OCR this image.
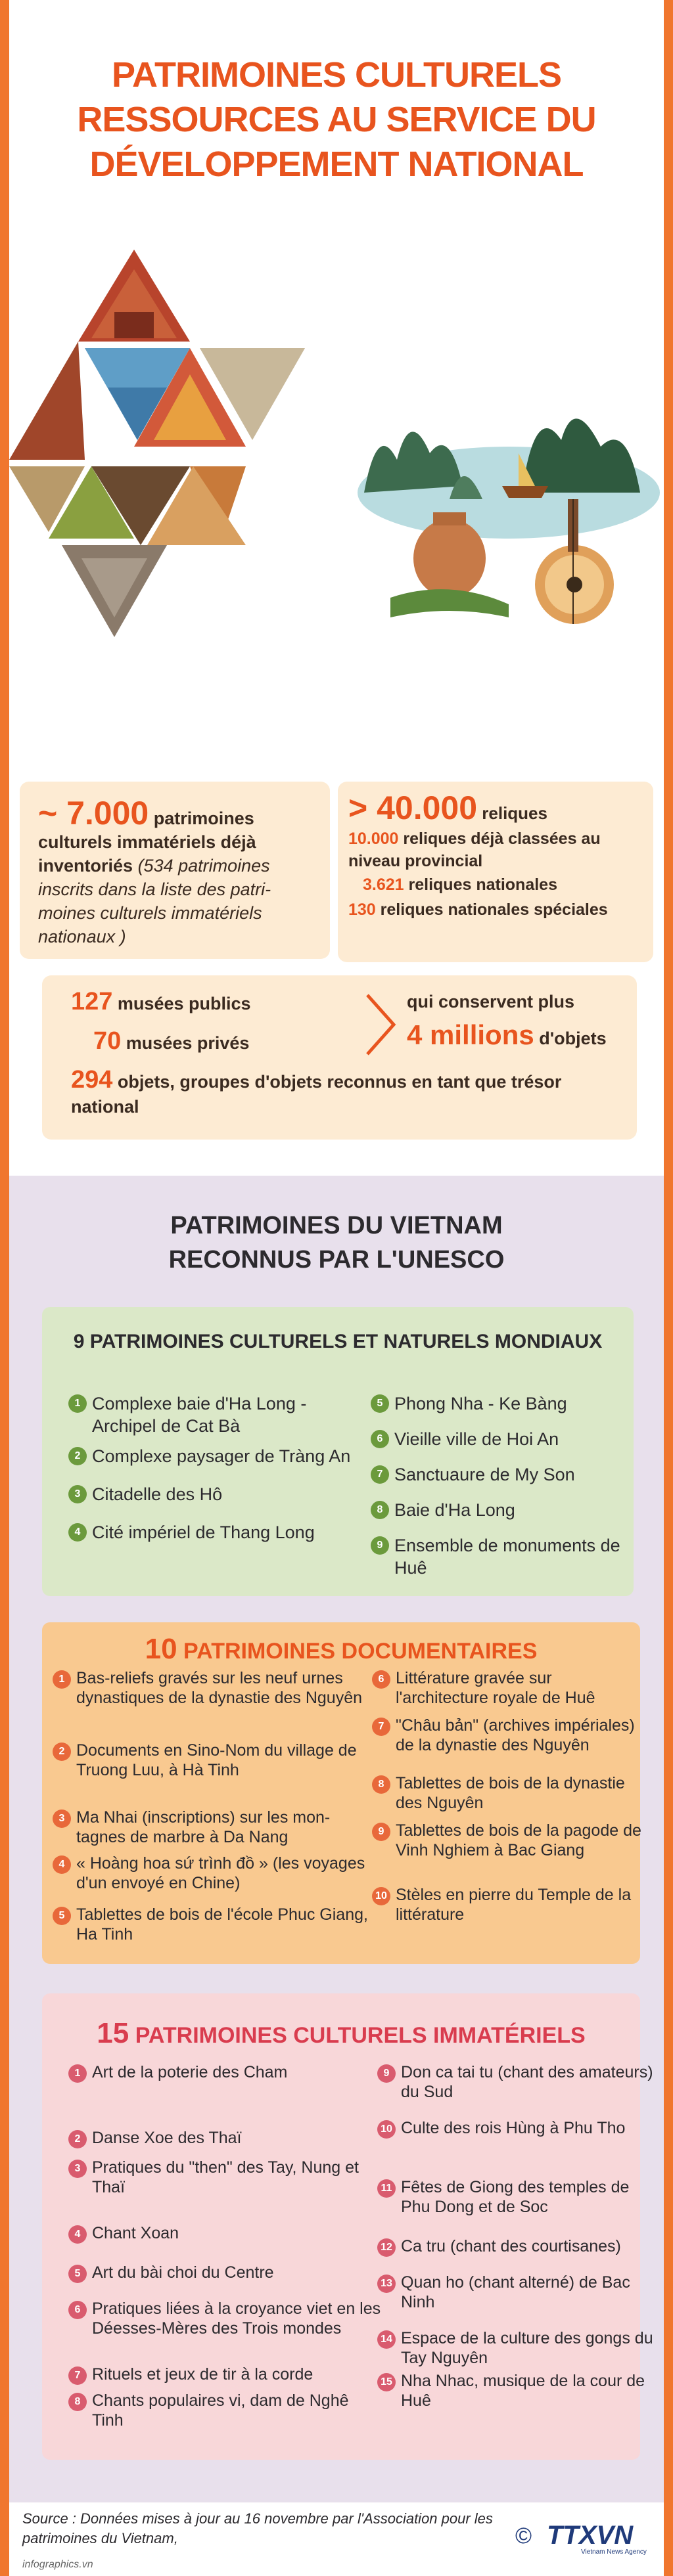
PATRIMOINES CULTURELS
RESSOURCES AU SERVICE DU
DÉVELOPPEMENT NATIONAL
~ 7.000 patrimoines culturels immatériels déjà inventoriés (534 patrimoines inscrits dans la liste des patri-moines culturels immatériels nationaux )
> 40.000 reliques
10.000 reliques déjà classées au niveau provincial
3.621 reliques nationales
130 reliques nationales spéciales
127 musées publics
70 musées privés
qui conservent plus
4 millions d'objets
294 objets, groupes d'objets reconnus en tant que trésor national
PATRIMOINES DU VIETNAM
RECONNUS PAR L'UNESCO
9 PATRIMOINES CULTURELS ET NATURELS MONDIAUX
10 PATRIMOINES DOCUMENTAIRES
15 PATRIMOINES CULTURELS IMMATÉRIELS
Source : Données mises à jour au 16 novembre par l'Association pour les patrimoines du Vietnam,
infographics.vn
© TTXVN
Vietnam News Agency
1 Complexe baie d'Ha Long - Archipel de Cat Bà
2 Complexe paysager de Tràng An
3 Citadelle des Hô
4 Cité impériel de Thang Long
5 Phong Nha - Ke Bàng
6 Vieille ville de Hoi An
7 Sanctuaure de My Son
8 Baie d'Ha Long
9 Ensemble de monuments de Huê
1 Bas-reliefs gravés sur les neuf urnes dynastiques de la dynastie des Nguyên
2 Documents en Sino-Nom du village de Truong Luu, à Hà Tinh
3 Ma Nhai (inscriptions) sur les mon-tagnes de marbre à Da Nang
4 « Hoàng hoa sứ trình đồ » (les voyages d'un envoyé en Chine)
5 Tablettes de bois de l'école Phuc Giang, Ha Tinh
6 Littérature gravée sur l'architecture royale de Huê
7 "Châu bản" (archives impériales) de la dynastie des Nguyên
8 Tablettes de bois de la dynastie des Nguyên
9 Tablettes de bois de la pagode de Vinh Nghiem à Bac Giang
10 Stèles en pierre du Temple de la littérature
1 Art de la poterie des Cham
2 Danse Xoe des Thaï
3 Pratiques du "then" des Tay, Nung et Thaï
4 Chant Xoan
5 Art du bài choi du Centre
6 Pratiques liées à la croyance viet en les Déesses-Mères des Trois mondes
7 Rituels et jeux de tir à la corde
8 Chants populaires vi, dam de Nghê Tinh
9 Don ca tai tu (chant des amateurs) du Sud
10 Culte des rois Hùng à Phu Tho
11 Fêtes de Giong des temples de Phu Dong et de Soc
12 Ca tru (chant des courtisanes)
13 Quan ho (chant alterné) de Bac Ninh
14 Espace de la culture des gongs du Tay Nguyên
15 Nha Nhac, musique de la cour de Huê
